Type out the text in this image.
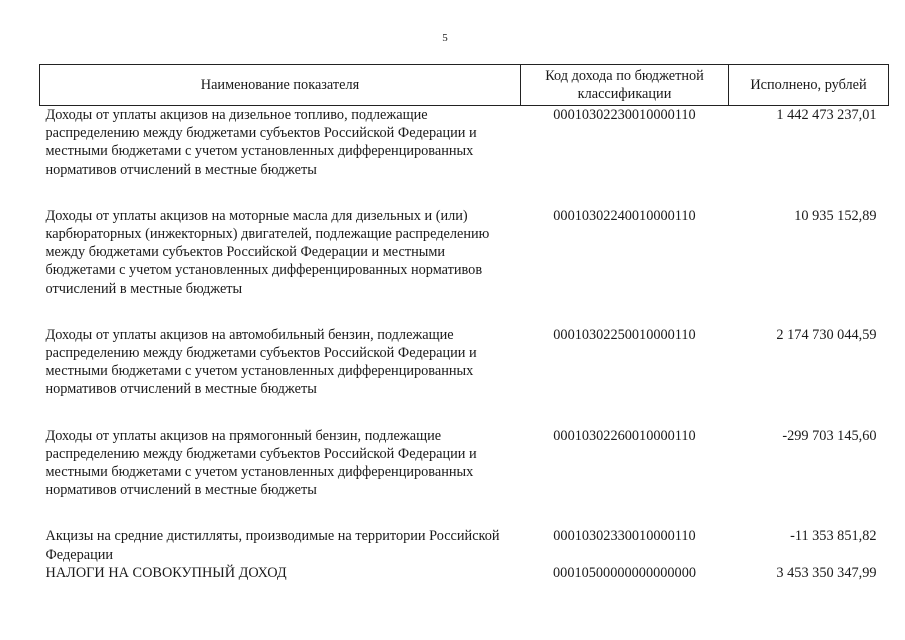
5
Наименование показателя	Код дохода по бюджетной классификации	Исполнено, рублей
Доходы от уплаты акцизов на дизельное топливо, подлежащие распределению между бюджетами субъектов Российской Федерации и местными бюджетами с учетом установленных дифференцированных нормативов отчислений в местные бюджеты	00010302230010000110	1 442 473 237,01

Доходы от уплаты акцизов на моторные масла для дизельных и (или) карбюраторных (инжекторных) двигателей, подлежащие распределению между бюджетами субъектов Российской Федерации и местными бюджетами с учетом установленных дифференцированных нормативов отчислений в местные бюджеты	00010302240010000110	10 935 152,89

Доходы от уплаты акцизов на автомобильный бензин, подлежащие распределению между бюджетами субъектов Российской Федерации и местными бюджетами с учетом установленных дифференцированных нормативов отчислений в местные бюджеты	00010302250010000110	2 174 730 044,59

Доходы от уплаты акцизов на прямогонный бензин, подлежащие распределению между бюджетами субъектов Российской Федерации и местными бюджетами с учетом установленных дифференцированных нормативов отчислений в местные бюджеты	00010302260010000110	-299 703 145,60

Акцизы на средние дистилляты, производимые на территории Российской Федерации	00010302330010000110	-11 353 851,82
НАЛОГИ НА СОВОКУПНЫЙ ДОХОД	00010500000000000000	3 453 350 347,99
